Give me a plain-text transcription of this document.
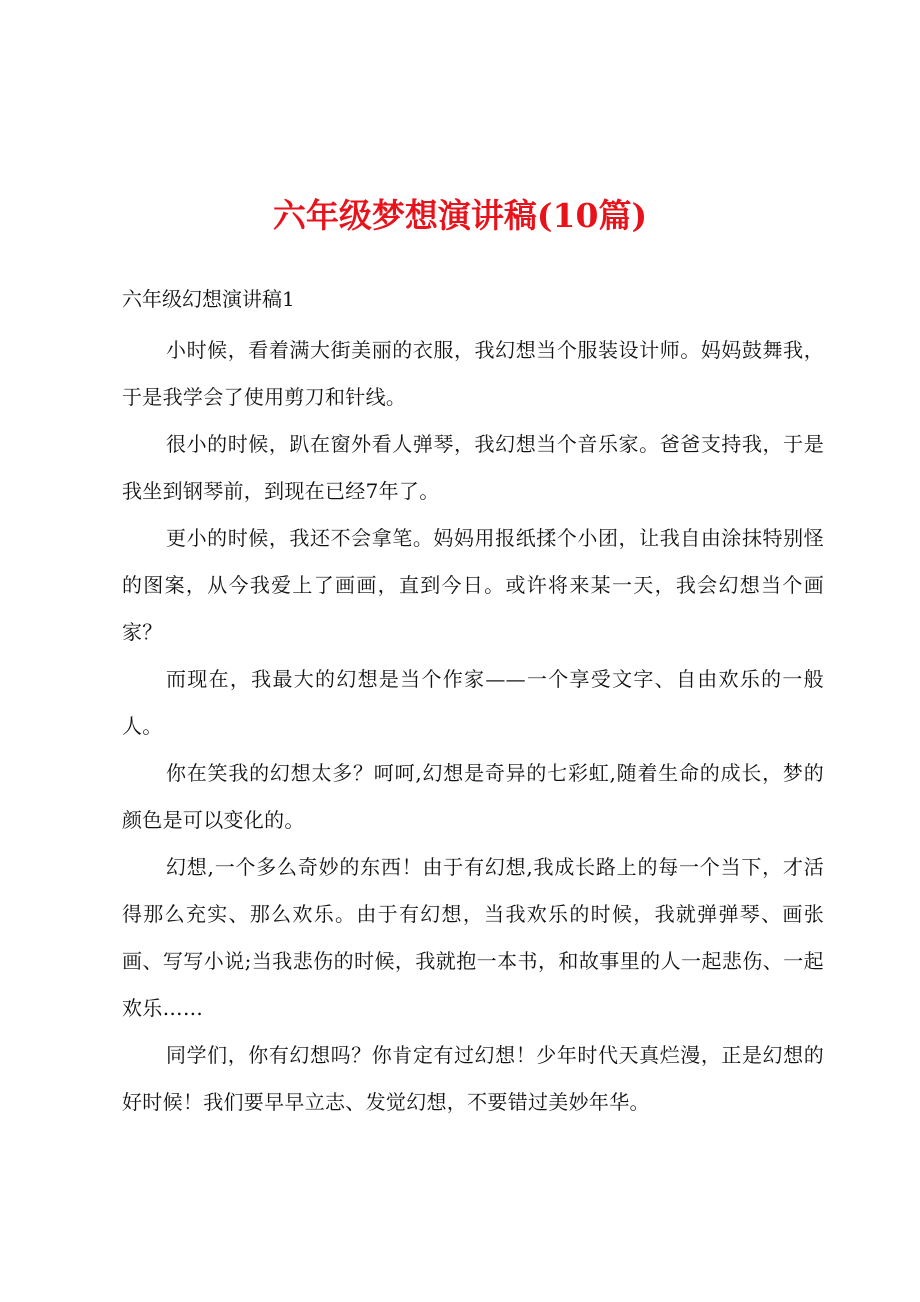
六年级梦想演讲稿(10篇)
六年级幻想演讲稿1

小时候，看着满大街美丽的衣服，我幻想当个服装设计师。妈妈鼓舞我，于是我学会了使用剪刀和针线。

很小的时候，趴在窗外看人弹琴，我幻想当个音乐家。爸爸支持我，于是我坐到钢琴前，到现在已经7年了。

更小的时候，我还不会拿笔。妈妈用报纸揉个小团，让我自由涂抹特别怪的图案，从今我爱上了画画，直到今日。或许将来某一天，我会幻想当个画家？

而现在，我最大的幻想是当个作家——一个享受文字、自由欢乐的一般人。

你在笑我的幻想太多？呵呵,幻想是奇异的七彩虹,随着生命的成长，梦的颜色是可以变化的。

幻想,一个多么奇妙的东西！由于有幻想,我成长路上的每一个当下，才活得那么充实、那么欢乐。由于有幻想，当我欢乐的时候，我就弹弹琴、画张画、写写小说;当我悲伤的时候，我就抱一本书，和故事里的人一起悲伤、一起欢乐……

同学们，你有幻想吗？你肯定有过幻想！少年时代天真烂漫，正是幻想的好时候！我们要早早立志、发觉幻想，不要错过美妙年华。
